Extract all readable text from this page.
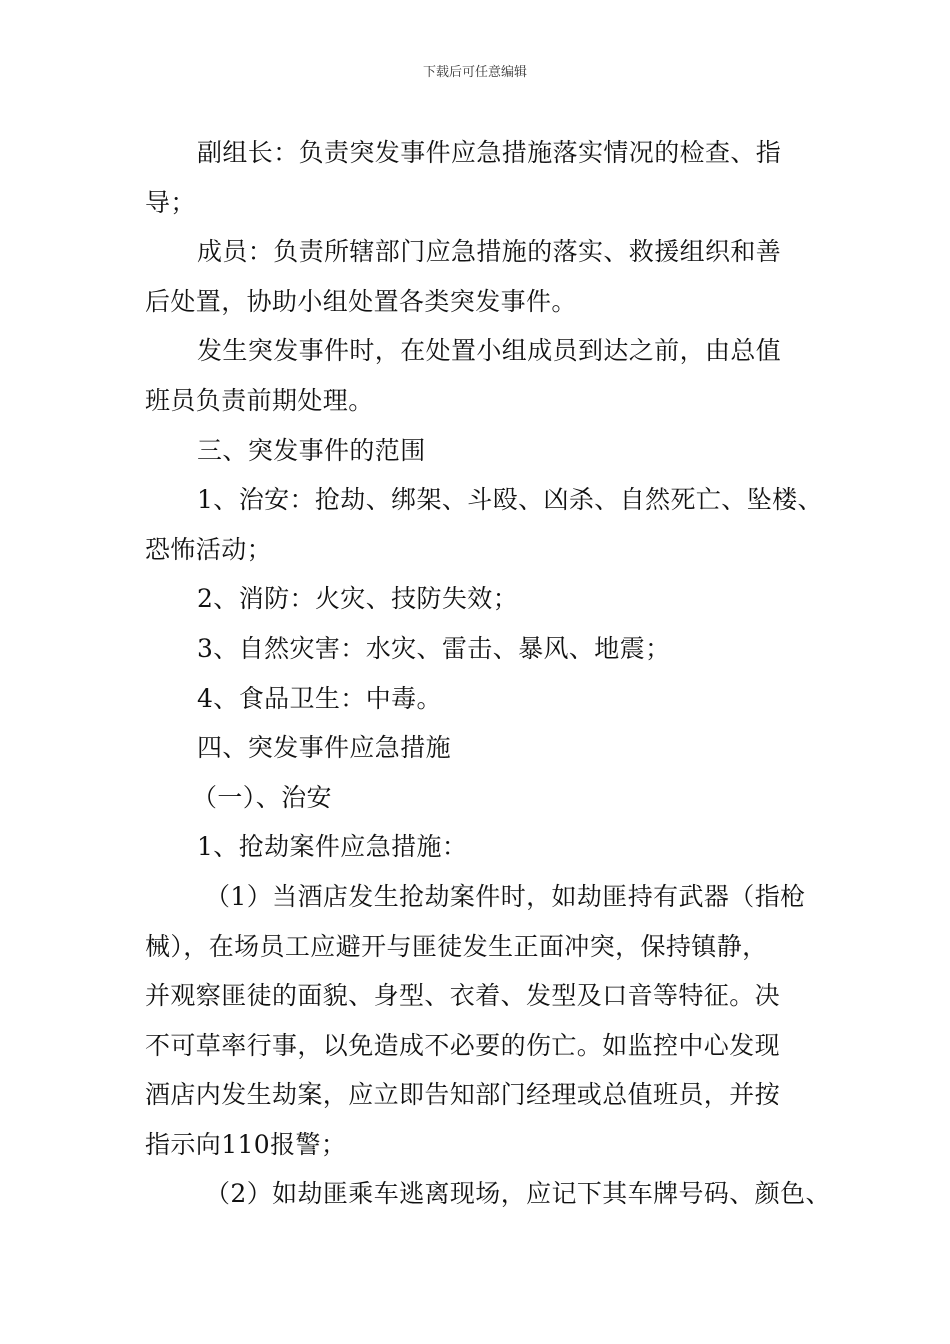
下载后可任意编辑

副组长：负责突发事件应急措施落实情况的检查、指
导；

成员：负责所辖部门应急措施的落实、救援组织和善
后处置，协助小组处置各类突发事件。

发生突发事件时，在处置小组成员到达之前，由总值
班员负责前期处理。

三、突发事件的范围

1、治安：抢劫、绑架、斗殴、凶杀、自然死亡、坠楼、
恐怖活动；

2、消防：火灾、技防失效；

3、自然灾害：水灾、雷击、暴风、地震；

4、食品卫生：中毒。

四、突发事件应急措施

（一）、治安

1、抢劫案件应急措施：

（1）当酒店发生抢劫案件时，如劫匪持有武器（指枪
械），在场员工应避开与匪徒发生正面冲突，保持镇静，
并观察匪徒的面貌、身型、衣着、发型及口音等特征。决
不可草率行事，以免造成不必要的伤亡。如监控中心发现
酒店内发生劫案，应立即告知部门经理或总值班员，并按
指示向110报警；

（2）如劫匪乘车逃离现场，应记下其车牌号码、颜色、
